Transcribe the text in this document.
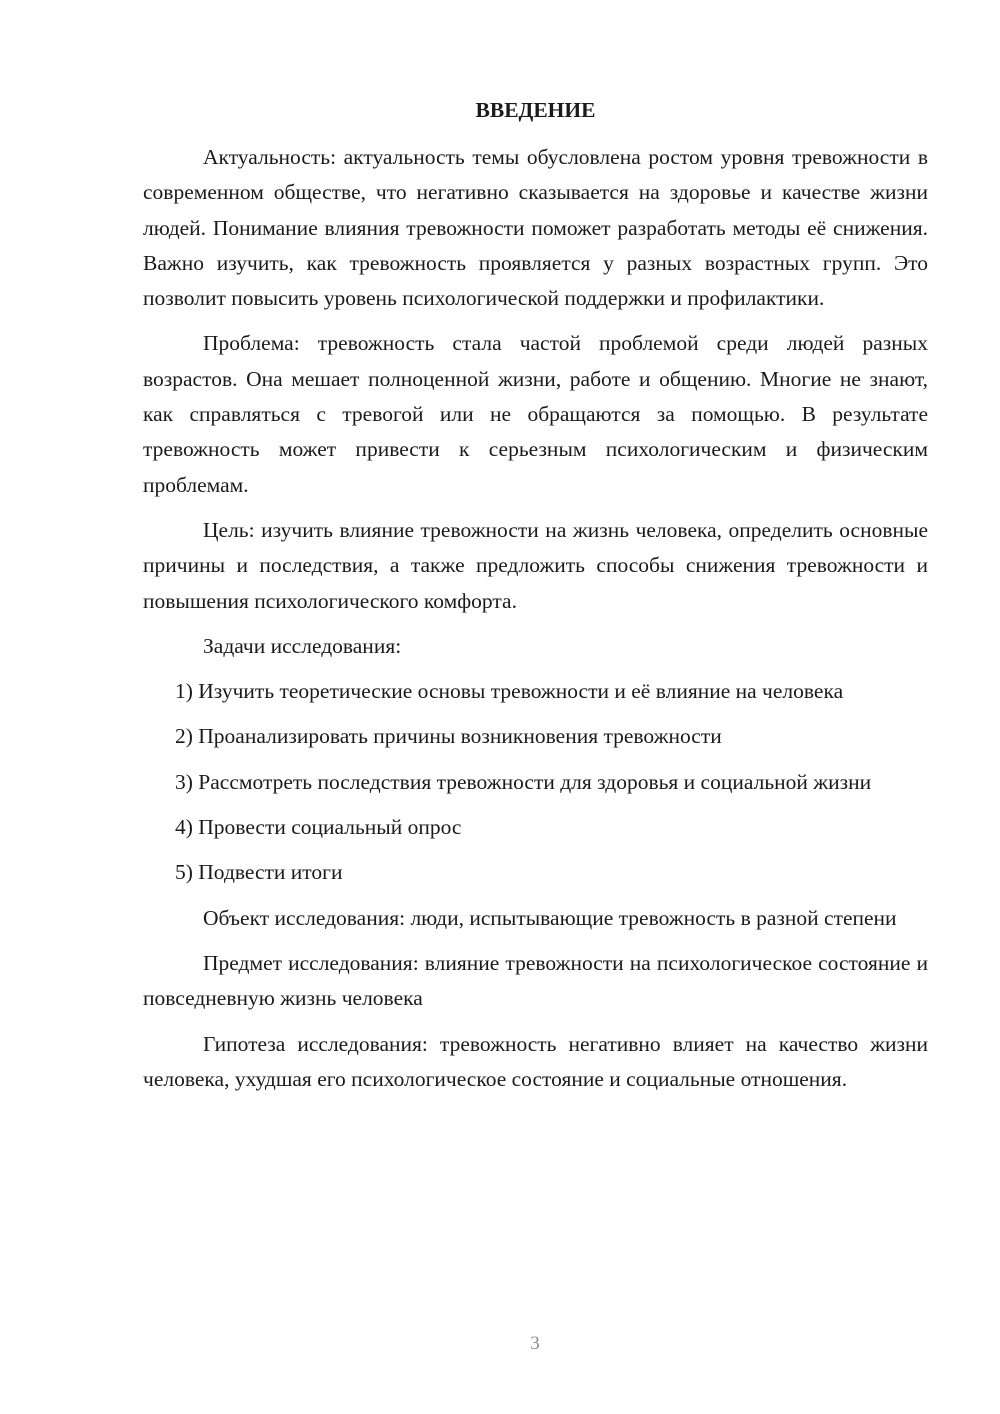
ВВЕДЕНИЕ

Актуальность: актуальность темы обусловлена ростом уровня тревожности в современном обществе, что негативно сказывается на здоровье и качестве жизни людей. Понимание влияния тревожности поможет разработать методы её снижения. Важно изучить, как тревожность проявляется у разных возрастных групп. Это позволит повысить уровень психологической поддержки и профилактики.

Проблема: тревожность стала частой проблемой среди людей разных возрастов. Она мешает полноценной жизни, работе и общению. Многие не знают, как справляться с тревогой или не обращаются за помощью. В результате тревожность может привести к серьезным психологическим и физическим проблемам.

Цель: изучить влияние тревожности на жизнь человека, определить основные причины и последствия, а также предложить способы снижения тревожности и повышения психологического комфорта.

Задачи исследования:

1) Изучить теоретические основы тревожности и её влияние на человека

2) Проанализировать причины возникновения тревожности

3) Рассмотреть последствия тревожности для здоровья и социальной жизни

4) Провести социальный опрос

5) Подвести итоги

Объект исследования: люди, испытывающие тревожность в разной степени

Предмет исследования: влияние тревожности на психологическое состояние и повседневную жизнь человека

Гипотеза исследования: тревожность негативно влияет на качество жизни человека, ухудшая его психологическое состояние и социальные отношения.

3
